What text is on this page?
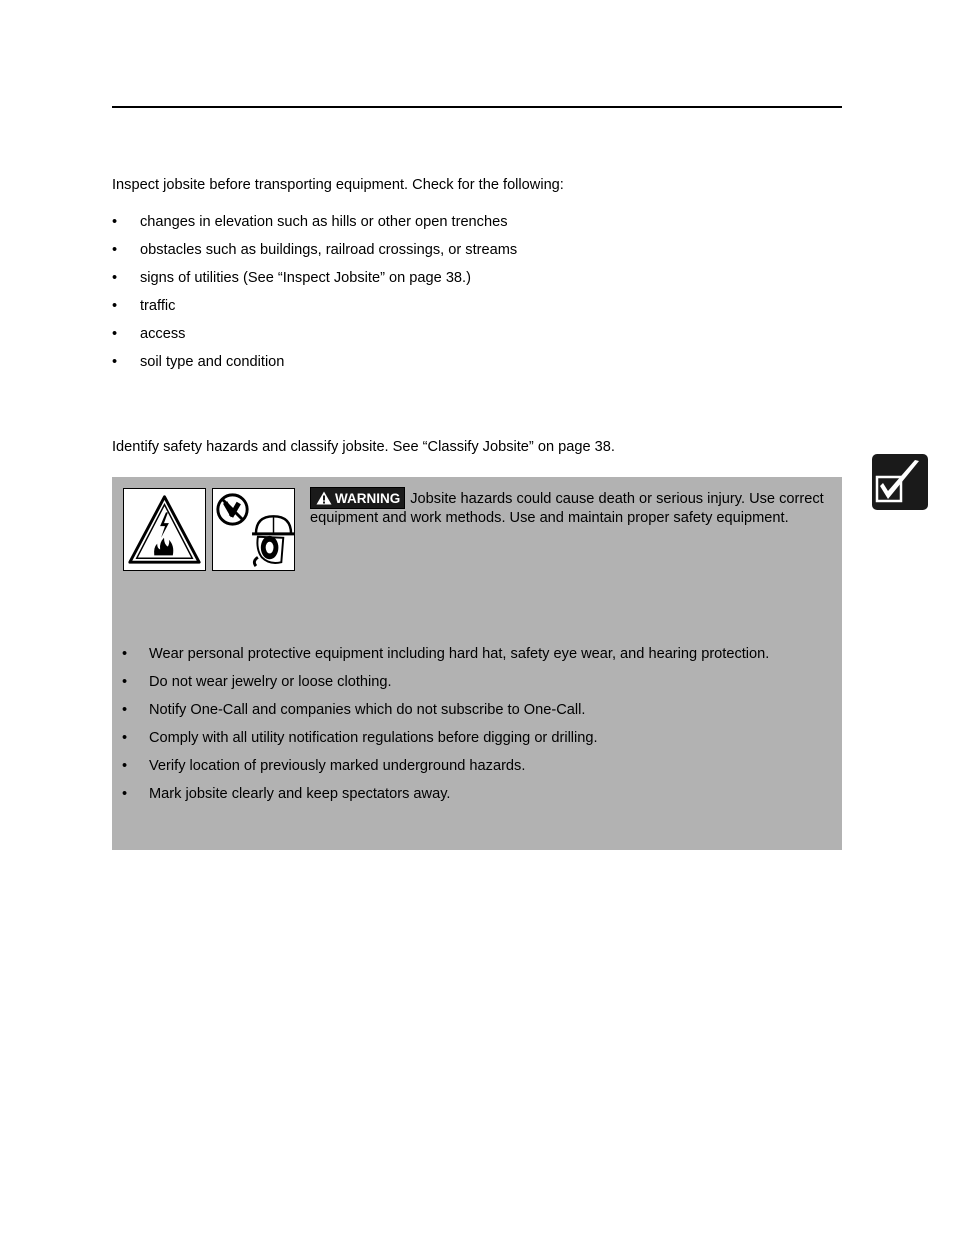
Inspect jobsite before transporting equipment. Check for the following:
•	changes in elevation such as hills or other open trenches
•	obstacles such as buildings, railroad crossings, or streams
•	signs of utilities (See “Inspect Jobsite” on page 38.)
•	traffic
•	access
•	soil type and condition
Identify safety hazards and classify jobsite. See “Classify Jobsite” on page 38.
WARNING Jobsite hazards could cause death or serious injury. Use correct equipment and work methods. Use and maintain proper safety equipment.
•	Wear personal protective equipment including hard hat, safety eye wear, and hearing protection.
•	Do not wear jewelry or loose clothing.
•	Notify One-Call and companies which do not subscribe to One-Call.
•	Comply with all utility notification regulations before digging or drilling.
•	Verify location of previously marked underground hazards.
•	Mark jobsite clearly and keep spectators away.
